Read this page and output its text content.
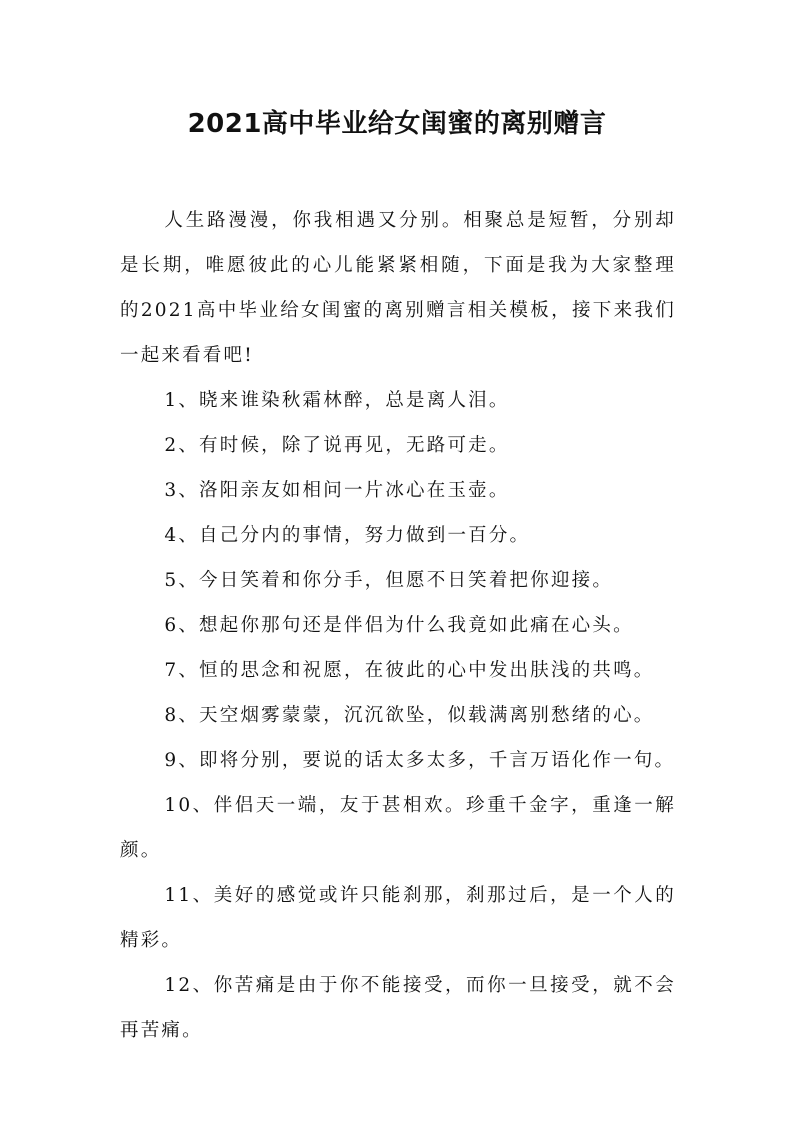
2021高中毕业给女闺蜜的离别赠言

人生路漫漫，你我相遇又分别。相聚总是短暂，分别却是长期，唯愿彼此的心儿能紧紧相随，下面是我为大家整理的2021高中毕业给女闺蜜的离别赠言相关模板，接下来我们一起来看看吧!

1、晓来谁染秋霜林醉，总是离人泪。

2、有时候，除了说再见，无路可走。

3、洛阳亲友如相问一片冰心在玉壶。

4、自己分内的事情，努力做到一百分。

5、今日笑着和你分手，但愿不日笑着把你迎接。

6、想起你那句还是伴侣为什么我竟如此痛在心头。

7、恒的思念和祝愿，在彼此的心中发出肤浅的共鸣。

8、天空烟雾蒙蒙，沉沉欲坠，似载满离别愁绪的心。

9、即将分别，要说的话太多太多，千言万语化作一句。

10、伴侣天一端，友于甚相欢。珍重千金字，重逢一解颜。

11、美好的感觉或许只能刹那，刹那过后，是一个人的精彩。

12、你苦痛是由于你不能接受，而你一旦接受，就不会再苦痛。
